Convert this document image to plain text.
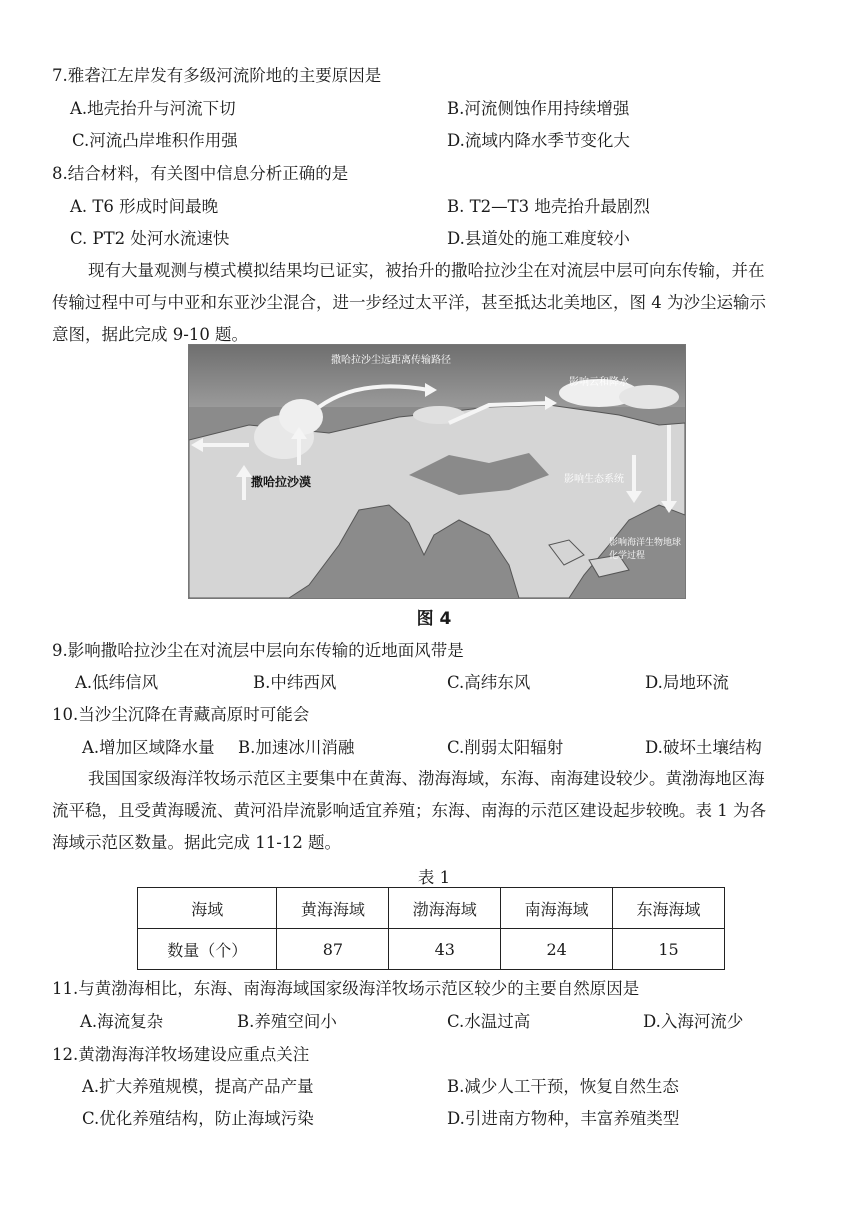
7.雅砻江左岸发有多级河流阶地的主要原因是
A.地壳抬升与河流下切	B.河流侧蚀作用持续增强
C.河流凸岸堆积作用强	D.流域内降水季节变化大
8.结合材料，有关图中信息分析正确的是
A. T6 形成时间最晚	B. T2—T3 地壳抬升最剧烈
C. PT2 处河水流速快	D.县道处的施工难度较小
现有大量观测与模式模拟结果均已证实，被抬升的撒哈拉沙尘在对流层中层可向东传输，并在
传输过程中可与中亚和东亚沙尘混合，进一步经过太平洋，甚至抵达北美地区，图 4 为沙尘运输示
意图，据此完成 9-10 题。
撒哈拉沙尘远距离传输路径
撒哈拉沙漠
影响云和降水
影响生态系统
影响海洋生物地球化学过程
图 4
9.影响撒哈拉沙尘在对流层中层向东传输的近地面风带是
A.低纬信风	B.中纬西风	C.高纬东风	D.局地环流
10.当沙尘沉降在青藏高原时可能会
A.增加区域降水量 B.加速冰川消融	C.削弱太阳辐射	D.破坏土壤结构
我国国家级海洋牧场示范区主要集中在黄海、渤海海域，东海、南海建设较少。黄渤海地区海
流平稳，且受黄海暖流、黄河沿岸流影响适宜养殖；东海、南海的示范区建设起步较晚。表 1 为各
海域示范区数量。据此完成 11-12 题。
表 1
海域	黄海海域	渤海海域	南海海域	东海海域
数量（个）	87	43	24	15
11.与黄渤海相比，东海、南海海域国家级海洋牧场示范区较少的主要自然原因是
A.海流复杂	B.养殖空间小	C.水温过高	D.入海河流少
12.黄渤海海洋牧场建设应重点关注
A.扩大养殖规模，提高产品产量	B.减少人工干预，恢复自然生态
C.优化养殖结构，防止海域污染	D.引进南方物种，丰富养殖类型
